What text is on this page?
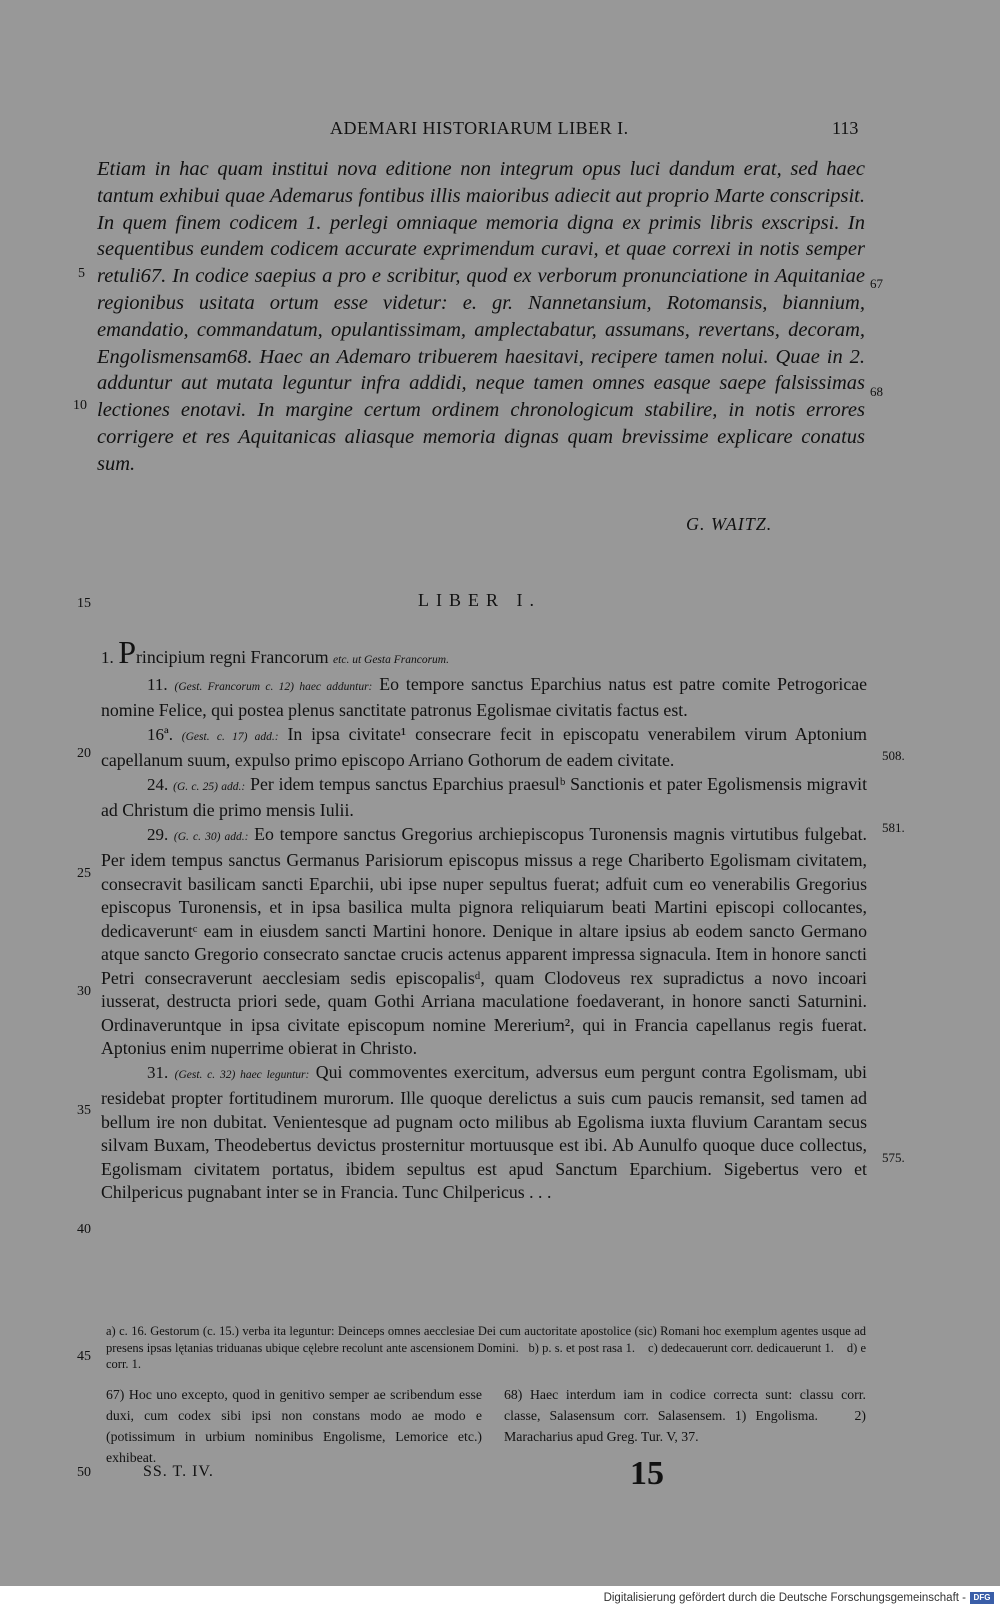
ADEMARI HISTORIARUM LIBER I.	113

Etiam in hac quam institui nova editione non integrum opus luci dandum erat, sed haec tantum exhibui quae Ademarus fontibus illis maioribus adiecit aut proprio Marte conscripsit. In quem finem codicem 1. perlegi omniaque memoria digna ex primis libris exscripsi. In sequentibus eundem codicem accurate exprimendum curavi, et quae correxi in notis semper retuli67. In codice saepius a pro e scribitur, quod ex verborum pronunciatione in Aquitaniae regionibus usitata ortum esse videtur: e. gr. Nannetansium, Rotomansis, biannium, emandatio, commandatum, opulantissimam, amplectabatur, assumans, revertans, decoram, Engolismensam68. Haec an Ademaro tribuerem haesitavi, recipere tamen nolui. Quae in 2. adduntur aut mutata leguntur infra addidi, neque tamen omnes easque saepe falsissimas lectiones enotavi. In margine certum ordinem chronologicum stabilire, in notis errores corrigere et res Aquitanicas aliasque memoria dignas quam brevissime explicare conatus sum.

G. WAITZ.
5
10
15
20
25
30
35
40
45
50
67
68
LIBER I.

1. Principium regni Francorum etc. ut Gesta Francorum.

11. (Gest. Francorum c. 12) haec adduntur: Eo tempore sanctus Eparchius natus est patre comite Petrogoricae nomine Felice, qui postea plenus sanctitate patronus Egolismae civitatis factus est.

16ª. (Gest. c. 17) add.: In ipsa civitate¹ consecrare fecit in episcopatu venerabilem virum Aptonium capellanum suum, expulso primo episcopo Arriano Gothorum de eadem civitate.

24. (G. c. 25) add.: Per idem tempus sanctus Eparchius praesulᵇ Sanctionis et pater Egolismensis migravit ad Christum die primo mensis Iulii.

29. (G. c. 30) add.: Eo tempore sanctus Gregorius archiepiscopus Turonensis magnis virtutibus fulgebat. Per idem tempus sanctus Germanus Parisiorum episcopus missus a rege Chariberto Egolismam civitatem, consecravit basilicam sancti Eparchii, ubi ipse nuper sepultus fuerat; adfuit cum eo venerabilis Gregorius episcopus Turonensis, et in ipsa basilica multa pignora reliquiarum beati Martini episcopi collocantes, dedicaveruntᶜ eam in eiusdem sancti Martini honore. Denique in altare ipsius ab eodem sancto Germano atque sancto Gregorio consecrato sanctae crucis actenus apparent impressa signacula. Item in honore sancti Petri consecraverunt aecclesiam sedis episcopalisᵈ, quam Clodoveus rex supradictus a novo incoari iusserat, destructa priori sede, quam Gothi Arriana maculatione foedaverant, in honore sancti Saturnini. Ordinaveruntque in ipsa civitate episcopum nomine Mererium², qui in Francia capellanus regis fuerat. Aptonius enim nuperrime obierat in Christo.

31. (Gest. c. 32) haec leguntur: Qui commoventes exercitum, adversus eum pergunt contra Egolismam, ubi residebat propter fortitudinem murorum. Ille quoque derelictus a suis cum paucis remansit, sed tamen ad bellum ire non dubitat. Venientesque ad pugnam octo milibus ab Egolisma iuxta fluvium Carantam secus silvam Buxam, Theodebertus devictus prosternitur mortuusque est ibi. Ab Aunulfo quoque duce collectus, Egolismam civitatem portatus, ibidem sepultus est apud Sanctum Eparchium. Sigebertus vero et Chilpericus pugnabant inter se in Francia. Tunc Chilpericus . . .

508.
581.
575.

a) c. 16. Gestorum (c. 15.) verba ita leguntur: Deinceps omnes aecclesiae Dei cum auctoritate apostolice (sic) Romani hoc exemplum agentes usque ad presens ipsas lętanias triduanas ubique cęlebre recolunt ante ascensionem Domini. b) p. s. et post rasa 1. c) dedecauerunt corr. dedicauerunt 1. d) e corr. 1.

67) Hoc uno excepto, quod in genitivo semper ae scribendum esse duxi, cum codex sibi ipsi non constans modo ae modo e (potissimum in urbium nominibus Engolisme, Lemorice etc.) exhibeat.

68) Haec interdum iam in codice correcta sunt: classu corr. classe, Salasensum corr. Salasensem. 1) Engolisma.	2) Maracharius apud Greg. Tur. V, 37.

SS. T. IV.	15
Digitalisierung gefördert durch die Deutsche Forschungsgemeinschaft - DFG
